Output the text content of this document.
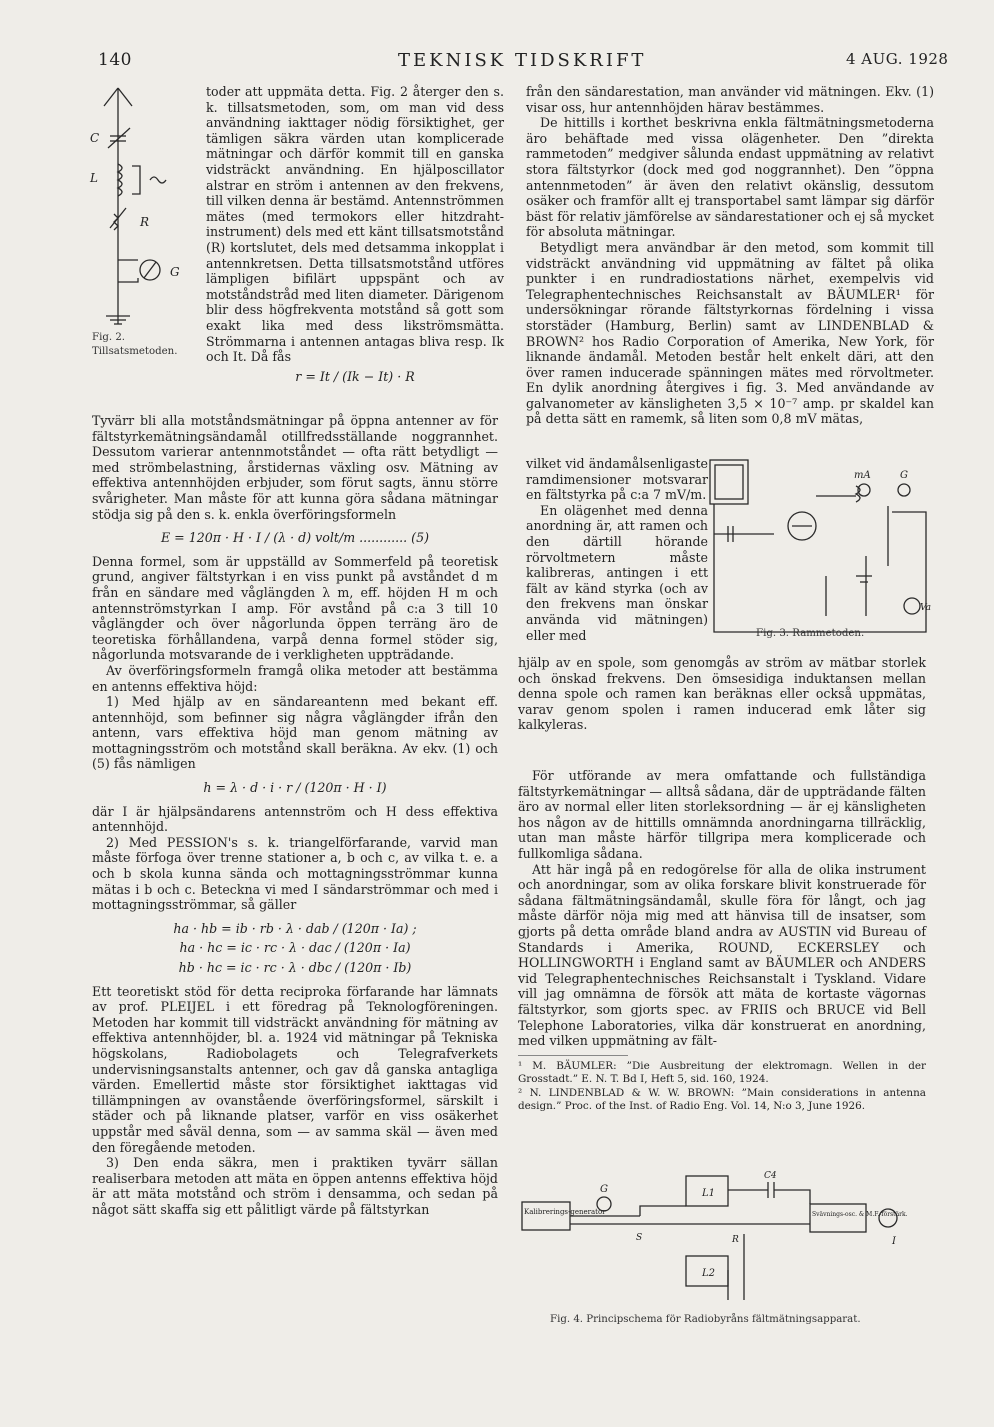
140	TEKNISK TIDSKRIFT	4 AUG. 1928
C
L
R
G
Fig. 2. Tillsatsmetoden.

toder att uppmäta detta. Fig. 2 återger den s. k. tillsatsmetoden, som, om man vid dess användning iakttager nödig försiktighet, ger tämligen säkra värden utan komplicerade mätningar och därför kommit till en ganska vidsträckt användning. En hjälposcillator alstrar en ström i antennen av den frekvens, till vilken denna är bestämd. Antennströmmen mätes (med termokors eller hitzdraht-instrument) dels med ett känt tillsatsmotstånd (R) kortslutet, dels med detsamma inkopplat i antennkretsen. Detta tillsatsmotstånd utföres lämpligen bifilärt uppspänt och av motståndstråd med liten diameter. Därigenom blir dess högfrekventa motstånd så gott som exakt lika med dess likströmsmätta. Strömmarna i antennen antagas bliva resp. Ik och It. Då fås

r = It / (Ik − It) · R

Tyvärr bli alla motståndsmätningar på öppna antenner av för fältstyrkemätningsändamål otillfredsställande noggrannhet. Dessutom varierar antennmotståndet — ofta rätt betydligt — med strömbelastning, årstidernas växling osv. Mätning av effektiva antennhöjden erbjuder, som förut sagts, ännu större svårigheter. Man måste för att kunna göra sådana mätningar stödja sig på den s. k. enkla överföringsformeln

E = 120π · H · I / (λ · d) volt/m ............ (5)

Denna formel, som är uppställd av Sommerfeld på teoretisk grund, angiver fältstyrkan i en viss punkt på avståndet d m från en sändare med våglängden λ m, eff. höjden H m och antennströmstyrkan I amp. För avstånd på c:a 3 till 10 våglängder och över någorlunda öppen terräng äro de teoretiska förhållandena, varpå denna formel stöder sig, någorlunda motsvarande de i verkligheten uppträdande.

Av överföringsformeln framgå olika metoder att bestämma en antenns effektiva höjd:

1) Med hjälp av en sändareantenn med bekant eff. antennhöjd, som befinner sig några våglängder ifrån den antenn, vars effektiva höjd man genom mätning av mottagningsström och motstånd skall beräkna. Av ekv. (1) och (5) fås nämligen

h = λ · d · i · r / (120π · H · I)

där I är hjälpsändarens antennström och H dess effektiva antennhöjd.

2) Med PESSION's s. k. triangelförfarande, varvid man måste förfoga över trenne stationer a, b och c, av vilka t. e. a och b skola kunna sända och mottagningsströmmar kunna mätas i b och c. Beteckna vi med I sändarströmmar och med i mottagningsströmmar, så gäller

ha · hb = ib · rb · λ · dab / (120π · Ia) ;
ha · hc = ic · rc · λ · dac / (120π · Ia)
hb · hc = ic · rc · λ · dbc / (120π · Ib)

Ett teoretiskt stöd för detta reciproka förfarande har lämnats av prof. PLEIJEL i ett föredrag på Teknologföreningen. Metoden har kommit till vidsträckt användning för mätning av effektiva antennhöjder, bl. a. 1924 vid mätningar på Tekniska högskolans, Radiobolagets och Telegrafverkets undervisningsanstalts antenner, och gav då ganska antagliga värden. Emellertid måste stor försiktighet iakttagas vid tillämpningen av ovanstående överföringsformel, särskilt i städer och på liknande platser, varför en viss osäkerhet uppstår med såväl denna, som — av samma skäl — även med den föregående metoden.

3) Den enda säkra, men i praktiken tyvärr sällan realiserbara metoden att mäta en öppen antenns effektiva höjd är att mäta motstånd och ström i densamma, och sedan på något sätt skaffa sig ett pålitligt värde på fältstyrkan

från den sändarestation, man använder vid mätningen. Ekv. (1) visar oss, hur antennhöjden härav bestämmes.

De hittills i korthet beskrivna enkla fältmätningsmetoderna äro behäftade med vissa olägenheter. Den ”direkta rammetoden” medgiver sålunda endast uppmätning av relativt stora fältstyrkor (dock med god noggrannhet). Den ”öppna antennmetoden” är även den relativt okänslig, dessutom osäker och framför allt ej transportabel samt lämpar sig därför bäst för relativ jämförelse av sändarestationer och ej så mycket för absoluta mätningar.

Betydligt mera användbar är den metod, som kommit till vidsträckt användning vid uppmätning av fältet på olika punkter i en rundradiostations närhet, exempelvis vid Telegraphentechnisches Reichsanstalt av BÄUMLER¹ för undersökningar rörande fältstyrkornas fördelning i vissa storstäder (Hamburg, Berlin) samt av LINDENBLAD & BROWN² hos Radio Corporation of Amerika, New York, för liknande ändamål. Metoden består helt enkelt däri, att den över ramen inducerade spänningen mätes med rörvoltmeter. En dylik anordning återgives i fig. 3. Med användande av galvanometer av känsligheten 3,5 × 10⁻⁷ amp. pr skaldel kan på detta sätt en ramemk, så liten som 0,8 mV mätas,

vilket vid ändamålsenligaste ramdimensioner motsvarar en fältstyrka på c:a 7 mV/m.

En olägenhet med denna anordning är, att ramen och den därtill hörande rörvoltmetern måste kalibreras, antingen i ett fält av känd styrka (och av den frekvens man önskar använda vid mätningen) eller med

mA	G
Va
Fig. 3. Rammetoden.

hjälp av en spole, som genomgås av ström av mätbar storlek och önskad frekvens. Den ömsesidiga induktansen mellan denna spole och ramen kan beräknas eller också uppmätas, varav genom spolen i ramen inducerad emk låter sig kalkyleras.

För utförande av mera omfattande och fullständiga fältstyrkemätningar — alltså sådana, där de uppträdande fälten äro av normal eller liten storleksordning — är ej känsligheten hos någon av de hittills omnämnda anordningarna tillräcklig, utan man måste härför tillgripa mera komplicerade och fullkomliga sådana.

Att här ingå på en redogörelse för alla de olika instrument och anordningar, som av olika forskare blivit konstruerade för sådana fältmätningsändamål, skulle föra för långt, och jag måste därför nöja mig med att hänvisa till de insatser, som gjorts på detta område bland andra av AUSTIN vid Bureau of Standards i Amerika, ROUND, ECKERSLEY och HOLLINGWORTH i England samt av BÄUMLER och ANDERS vid Telegraphentechnisches Reichsanstalt i Tyskland. Vidare vill jag omnämna de försök att mäta de kortaste vägornas fältstyrkor, som gjorts spec. av FRIIS och BRUCE vid Bell Telephone Laboratories, vilka där konstruerat en anordning, med vilken uppmätning av fält-

¹ M. BÄUMLER: ”Die Ausbreitung der elektromagn. Wellen in der Grosstadt.” E. N. T. Bd I, Heft 5, sid. 160, 1924.

² N. LINDENBLAD & W. W. BROWN: ”Main considerations in antenna design.” Proc. of the Inst. of Radio Eng. Vol. 14, N:o 3, June 1926.

Kalibrerings-generator
G	L1
C4
S	R
L2
Svävnings-osc. & M.F.-förstärk.
I
Fig. 4. Principschema för Radiobyråns fältmätningsapparat.
